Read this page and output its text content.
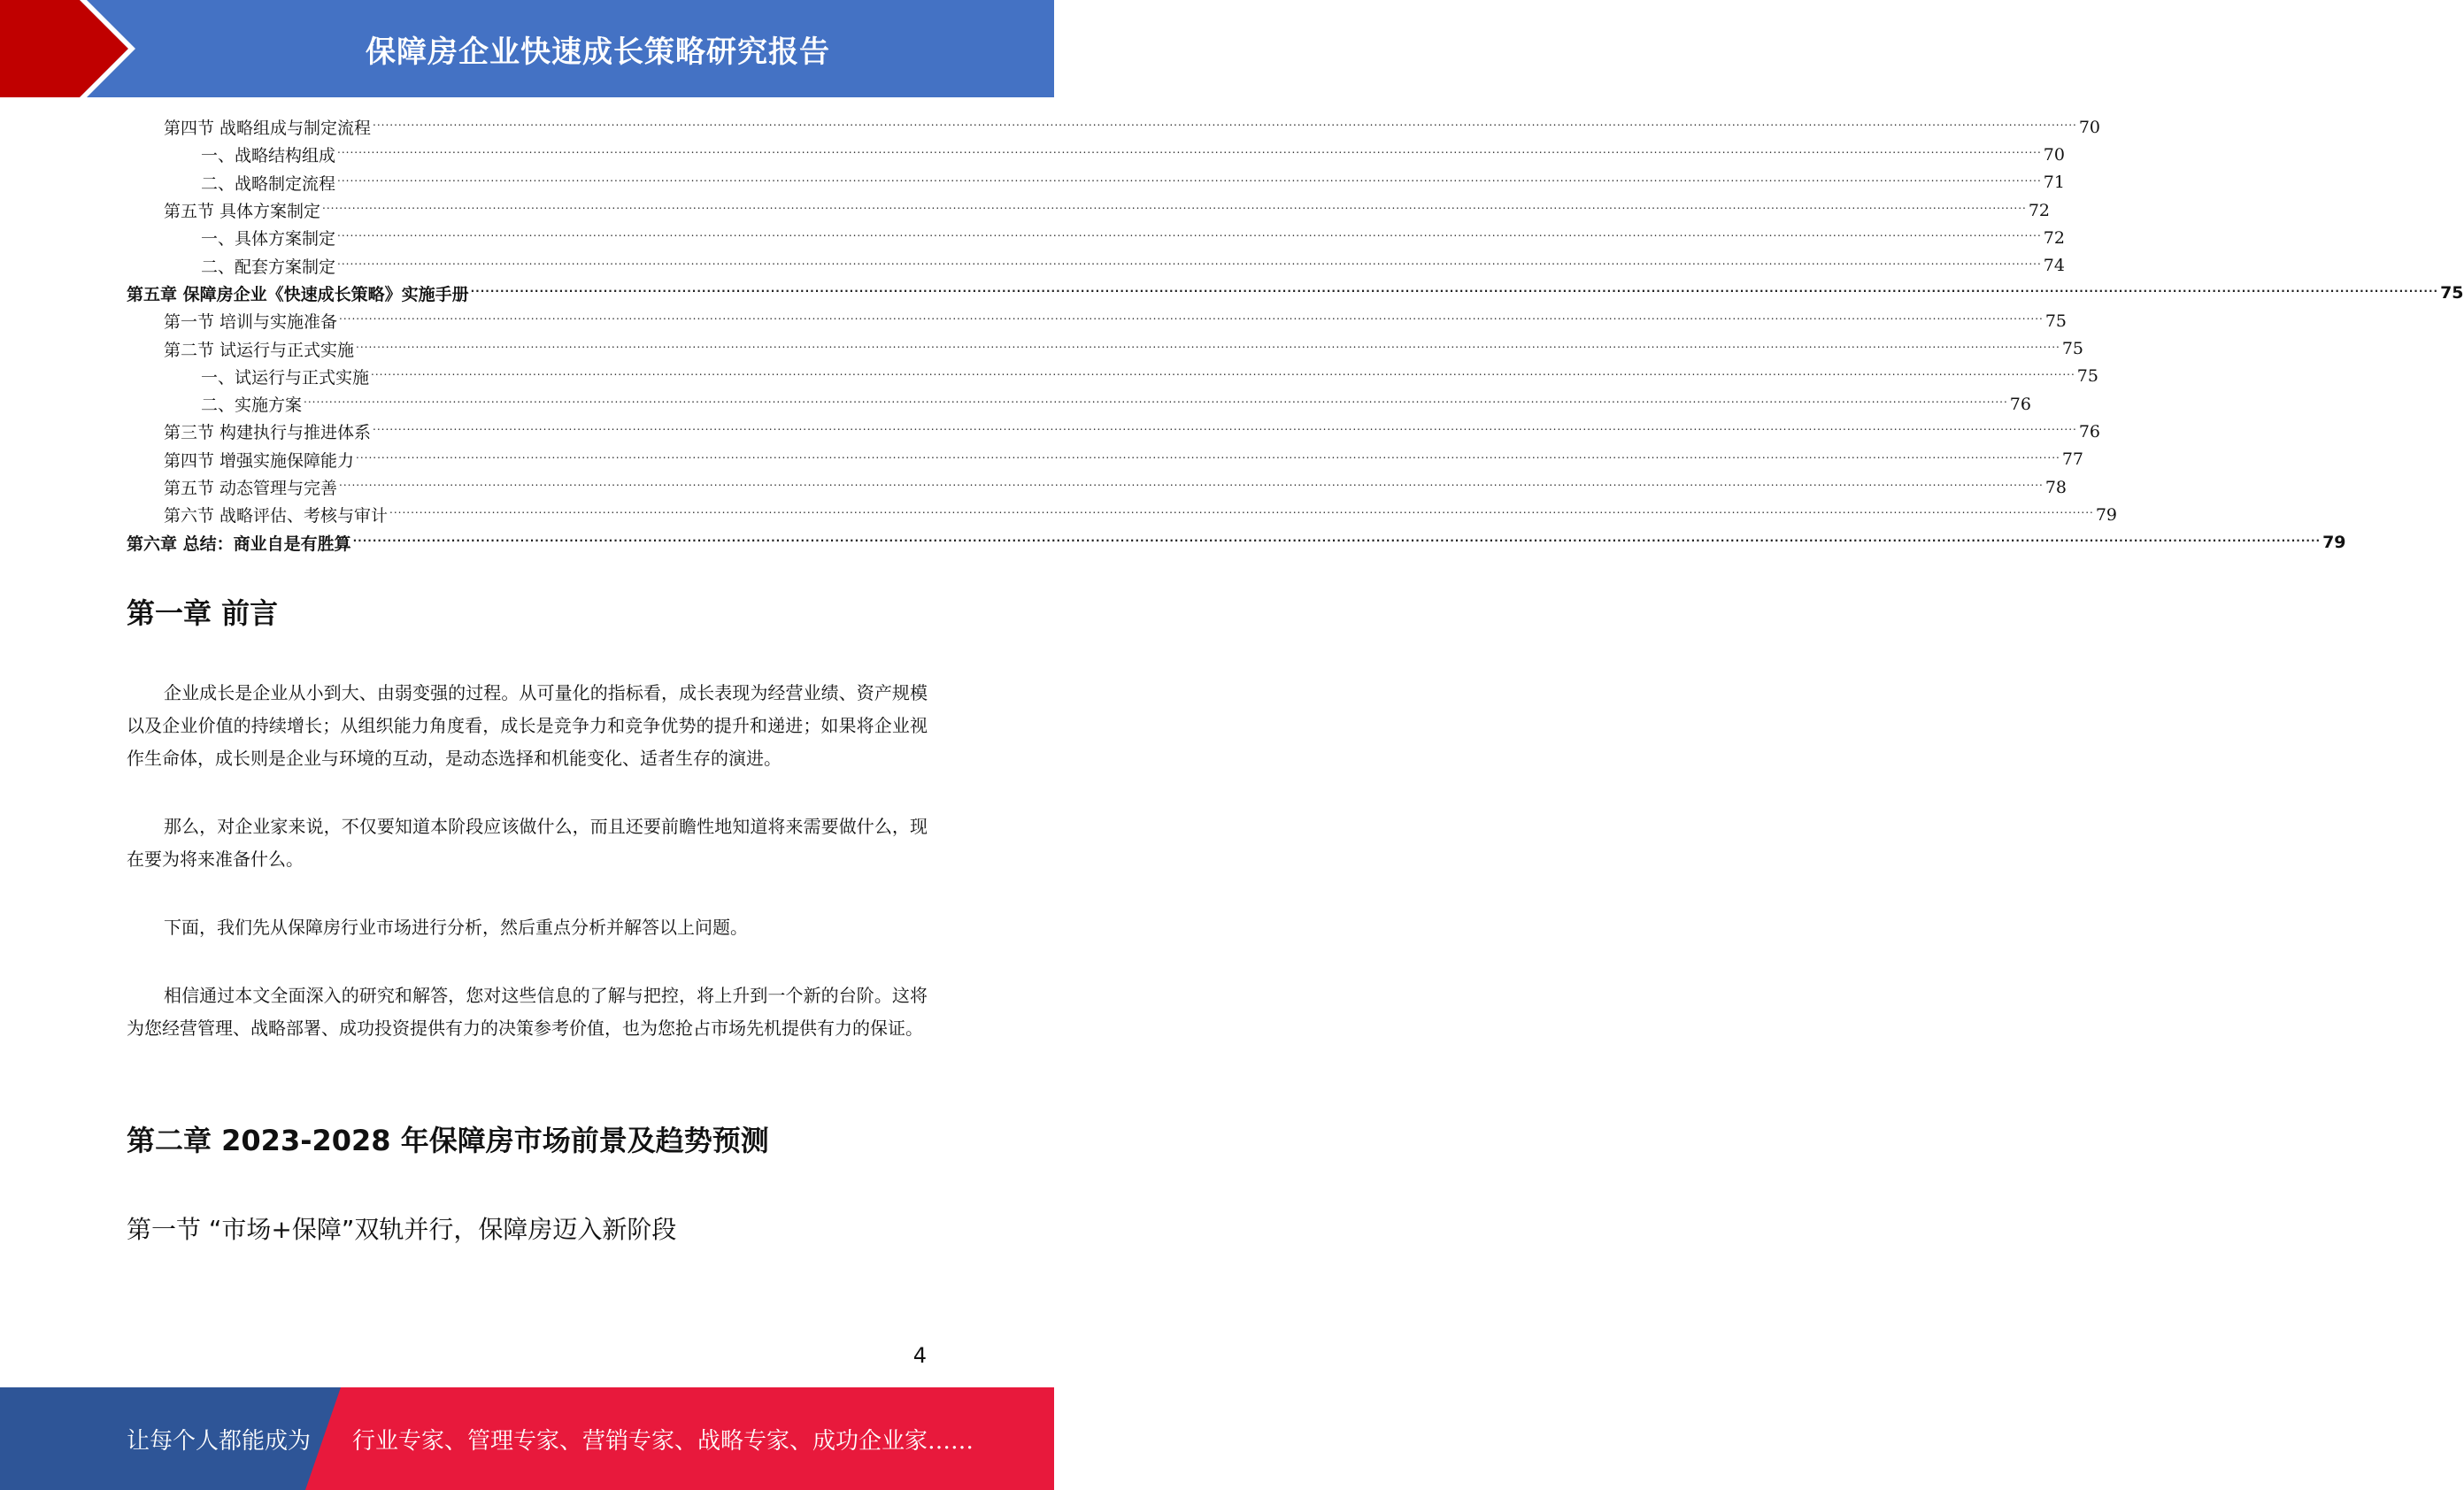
保障房企业快速成长策略研究报告
第四节 战略组成与制定流程 ................................................................................................................................................................................................................................................................................................................................................................................................................ 70
一、战略结构组成 ................................................................................................................................................................................................................................................................................................................................................................................................................ 70
二、战略制定流程 ................................................................................................................................................................................................................................................................................................................................................................................................................ 71
第五节 具体方案制定 ................................................................................................................................................................................................................................................................................................................................................................................................................ 72
一、具体方案制定 ................................................................................................................................................................................................................................................................................................................................................................................................................ 72
二、配套方案制定 ................................................................................................................................................................................................................................................................................................................................................................................................................ 74
第五章 保障房企业《快速成长策略》实施手册 ................................................................................................................................................................................................................................................................................................................................................................................................................ 75
第一节 培训与实施准备 ................................................................................................................................................................................................................................................................................................................................................................................................................ 75
第二节 试运行与正式实施 ................................................................................................................................................................................................................................................................................................................................................................................................................ 75
一、试运行与正式实施 ................................................................................................................................................................................................................................................................................................................................................................................................................ 75
二、实施方案 ................................................................................................................................................................................................................................................................................................................................................................................................................ 76
第三节 构建执行与推进体系 ................................................................................................................................................................................................................................................................................................................................................................................................................ 76
第四节 增强实施保障能力 ................................................................................................................................................................................................................................................................................................................................................................................................................ 77
第五节 动态管理与完善 ................................................................................................................................................................................................................................................................................................................................................................................................................ 78
第六节 战略评估、考核与审计 ................................................................................................................................................................................................................................................................................................................................................................................................................ 79
第六章 总结：商业自是有胜算 ................................................................................................................................................................................................................................................................................................................................................................................................................ 79
第一章 前言
企业成长是企业从小到大、由弱变强的过程。从可量化的指标看，成长表现为经营业绩、资产规模以及企业价值的持续增长；从组织能力角度看，成长是竞争力和竞争优势的提升和递进；如果将企业视作生命体，成长则是企业与环境的互动，是动态选择和机能变化、适者生存的演进。
那么，对企业家来说，不仅要知道本阶段应该做什么，而且还要前瞻性地知道将来需要做什么，现在要为将来准备什么。
下面，我们先从保障房行业市场进行分析，然后重点分析并解答以上问题。
相信通过本文全面深入的研究和解答，您对这些信息的了解与把控，将上升到一个新的台阶。这将为您经营管理、战略部署、成功投资提供有力的决策参考价值，也为您抢占市场先机提供有力的保证。
第二章 2023-2028 年保障房市场前景及趋势预测
第一节 “市场+保障”双轨并行，保障房迈入新阶段
4
让每个人都能成为 行业专家、管理专家、营销专家、战略专家、成功企业家……
